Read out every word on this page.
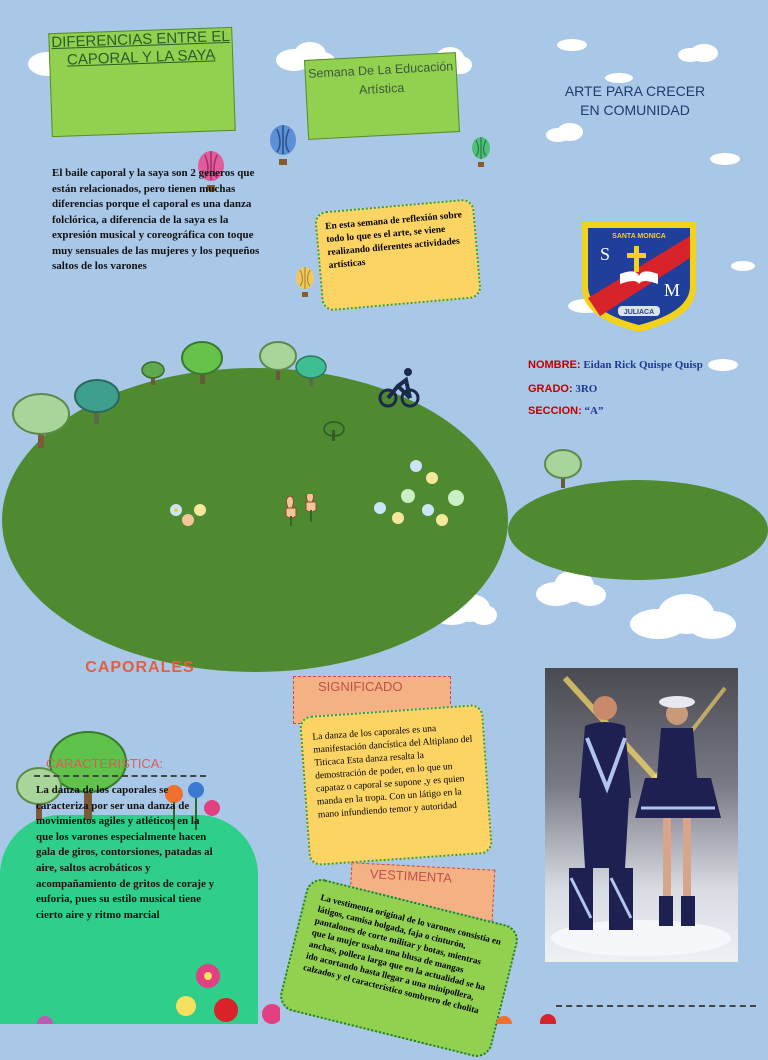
DIFERENCIAS ENTRE EL CAPORAL Y LA SAYA
Semana De La Educación Artística	ARTE PARA CRECER EN COMUNIDAD
El baile caporal y la saya son 2 generos que están relacionados, pero tienen muchas diferencias porque el caporal es una danza folclórica, a diferencia de la saya es la expresión musical y coreográfica con toque muy sensuales de las mujeres y los pequeños saltos de los varones

En esta semana de reflexión sobre todo lo que es el arte, se viene realizando diferentes actividades artísticas

SANTA MONICA
S
M
JULIACA
NOMBRE: Eidan Rick Quispe Quisp
GRADO: 3RO
SECCION: “A”
CAPORALES
SIGNIFICADO

La danza de los caporales es una manifestación dancística del Altiplano del Titicaca Esta danza resalta la demostración de poder, en lo que un capataz o caporal se supone ,y es quien manda en la tropa. Con un látigo en la mano infundiendo temor y autoridad

VESTIMENTA

La vestimenta original de lo varones consistía en látigos, camisa holgada, faja o cinturón, pantalones de corte militar y botas, mientras que la mujer usaba una blusa de mangas anchas, pollera larga que en la actualidad se ha ido acortando hasta llegar a una minipollera, calzados y el característico sombrero de cholita

CARACTERISTICA:
La danza de los caporales se caracteriza por ser una danza de movimientos agiles y atléticos en la que los varones especialmente hacen gala de giros, contorsiones, patadas al aire, saltos acrobáticos y acompañamiento de gritos de coraje y euforia, pues su estilo musical tiene cierto aire y ritmo marcial
